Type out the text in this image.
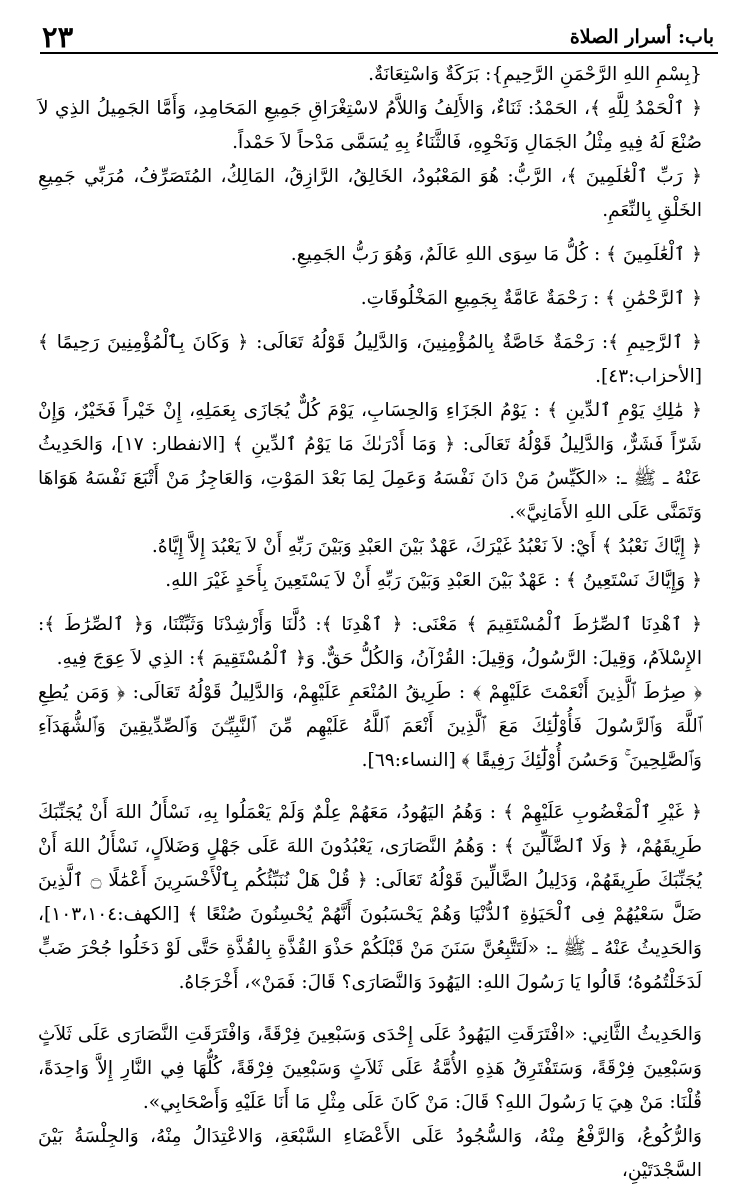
باب: أسرار الصلاة
٢٣

{بِسْمِ اللهِ الرَّحْمَنِ الرَّحِيمِ}: بَرَكَةٌ وَاسْتِعَانَةٌ.

﴿ ٱلْحَمْدُ لِلَّهِ ﴾، الحَمْدُ: ثَنَاءٌ، وَالأَلِفُ وَاللاَّمُ لاسْتِغْرَاقِ جَمِيعِ المَحَامِدِ، وَأَمَّا الجَمِيلُ الذِي لاَ صُنْعَ لَهُ فِيهِ مِثْلُ الجَمَالِ وَنَحْوِهِ، فَالثَّنَاءُ بِهِ يُسَمَّى مَدْحاً لاَ حَمْداً.

﴿ رَبِّ ٱلْعَٰلَمِينَ ﴾، الرَّبُّ: هُوَ المَعْبُودُ، الخَالِقُ، الرَّازِقُ، المَالِكُ، المُتَصَرِّفُ، مُرَبِّي جَمِيعِ الخَلْقِ بِالنِّعَمِ.

﴿ ٱلْعَٰلَمِينَ ﴾ : كُلُّ مَا سِوَى اللهِ عَالَمٌ، وَهُوَ رَبُّ الجَمِيعِ.

﴿ ٱلرَّحْمَٰنِ ﴾ : رَحْمَةٌ عَامَّةٌ بِجَمِيعِ المَخْلُوقَاتِ.

﴿ ٱلرَّحِيمِ ﴾: رَحْمَةٌ خَاصَّةٌ بِالمُؤْمِنِينَ، وَالدَّلِيلُ قَوْلُهُ تَعَالَى: ﴿ وَكَانَ بِٱلْمُؤْمِنِينَ رَحِيمًا ﴾ [الأحزاب:٤٣].

﴿ مَٰلِكِ يَوْمِ ٱلدِّينِ ﴾ : يَوْمُ الجَزَاءِ وَالحِسَابِ، يَوْمَ كُلٌّ يُجَازَى بِعَمَلِهِ، إِنْ خَيْراً فَخَيْرٌ، وَإِنْ شَرّاً فَشَرٌّ، وَالدَّلِيلُ قَوْلُهُ تَعَالَى: ﴿ وَمَا أَدْرَىٰكَ مَا يَوْمُ ٱلدِّينِ ﴾ [الانفطار: ١٧]، وَالحَدِيثُ عَنْهُ ـ ﷺ ـ: «الكَيِّسُ مَنْ دَانَ نَفْسَهُ وَعَمِلَ لِمَا بَعْدَ المَوْتِ، وَالعَاجِزُ مَنْ أَتْبَعَ نَفْسَهُ هَوَاهَا وَتَمَنَّى عَلَى اللهِ الأَمَانِيَّ».

﴿ إِيَّاكَ نَعْبُدُ ﴾ أَيْ: لاَ نَعْبُدُ غَيْرَكَ، عَهْدٌ بَيْنَ العَبْدِ وَبَيْنَ رَبِّهِ أَنْ لاَ يَعْبُدَ إِلاَّ إِيَّاهُ.

﴿ وَإِيَّاكَ نَسْتَعِينُ ﴾ : عَهْدٌ بَيْنَ العَبْدِ وَبَيْنَ رَبِّهِ أَنْ لاَ يَسْتَعِينَ بِأَحَدٍ غَيْرَ اللهِ.

﴿ ٱهْدِنَا ٱلصِّرَٰطَ ٱلْمُسْتَقِيمَ ﴾ مَعْنَى: ﴿ ٱهْدِنَا ﴾: دُلَّنَا وَأَرْشِدْنَا وَثَبِّتْنَا، وَ﴿ ٱلصِّرَٰطَ ﴾: الإِسْلاَمُ، وَقِيلَ: الرَّسُولُ، وَقِيلَ: القُرْآنُ، وَالكُلُّ حَقٌّ. وَ﴿ ٱلْمُسْتَقِيمَ ﴾: الذِي لاَ عِوَجَ فِيهِ.

﴿ صِرَٰطَ ٱلَّذِينَ أَنْعَمْتَ عَلَيْهِمْ ﴾ : طَرِيقُ المُنْعَمِ عَلَيْهِمْ، وَالدَّلِيلُ قَوْلُهُ تَعَالَى: ﴿ وَمَن يُطِعِ ٱللَّهَ وَٱلرَّسُولَ فَأُوْلَٰٓئِكَ مَعَ ٱلَّذِينَ أَنْعَمَ ٱللَّهُ عَلَيْهِم مِّنَ ٱلنَّبِيِّـۧنَ وَٱلصِّدِّيقِينَ وَٱلشُّهَدَآءِ وَٱلصَّٰلِحِينَ ۚ وَحَسُنَ أُوْلَٰٓئِكَ رَفِيقًا ﴾ [النساء:٦٩].

﴿ غَيْرِ ٱلْمَغْضُوبِ عَلَيْهِمْ ﴾ : وَهُمُ اليَهُودُ، مَعَهُمْ عِلْمٌ وَلَمْ يَعْمَلُوا بِهِ، نَسْأَلُ اللهَ أَنْ يُجَنِّبَكَ طَرِيقَهُمْ، ﴿ وَلَا ٱلضَّآلِّينَ ﴾ : وَهُمُ النَّصَارَى، يَعْبُدُونَ اللهَ عَلَى جَهْلٍ وَضَلاَلٍ، نَسْأَلُ اللهَ أَنْ يُجَنِّبَكَ طَرِيقَهُمْ، وَدَلِيلُ الضَّالِّينَ قَوْلُهُ تَعَالَى: ﴿ قُلْ هَلْ نُنَبِّئُكُم بِٱلْأَخْسَرِينَ أَعْمَٰلًا ۝ ٱلَّذِينَ ضَلَّ سَعْيُهُمْ فِى ٱلْحَيَوٰةِ ٱلدُّنْيَا وَهُمْ يَحْسَبُونَ أَنَّهُمْ يُحْسِنُونَ صُنْعًا ﴾ [الكهف:١٠٣،١٠٤]، وَالحَدِيثُ عَنْهُ ـ ﷺ ـ: «لَتَتَّبِعُنَّ سَنَنَ مَنْ قَبْلَكُمْ حَذْوَ القُذَّةِ بِالقُذَّةِ حَتَّى لَوْ دَخَلُوا جُحْرَ ضَبٍّ لَدَخَلْتُمُوهُ؛ قَالُوا يَا رَسُولَ اللهِ: اليَهُودَ وَالنَّصَارَى؟ قَالَ: فَمَنْ»، أَخْرَجَاهُ.

وَالحَدِيثُ الثَّانِي: «افْتَرَقَتِ اليَهُودُ عَلَى إِحْدَى وَسَبْعِينَ فِرْقَةً، وَافْتَرَقَتِ النَّصَارَى عَلَى ثَلاَثٍ وَسَبْعِينَ فِرْقَةً، وَسَتَفْتَرِقُ هَذِهِ الأُمَّةُ عَلَى ثَلاَثٍ وَسَبْعِينَ فِرْقَةً، كُلُّهَا فِي النَّارِ إِلاَّ وَاحِدَةً، قُلْنَا: مَنْ هِيَ يَا رَسُولَ اللهِ؟ قَالَ: مَنْ كَانَ عَلَى مِثْلِ مَا أَنَا عَلَيْهِ وَأَصْحَابِي».

وَالرُّكُوعُ، وَالرَّفْعُ مِنْهُ، وَالسُّجُودُ عَلَى الأَعْضَاءِ السَّبْعَةِ، وَالاعْتِدَالُ مِنْهُ، وَالجِلْسَةُ بَيْنَ السَّجْدَتَيْنِ،
